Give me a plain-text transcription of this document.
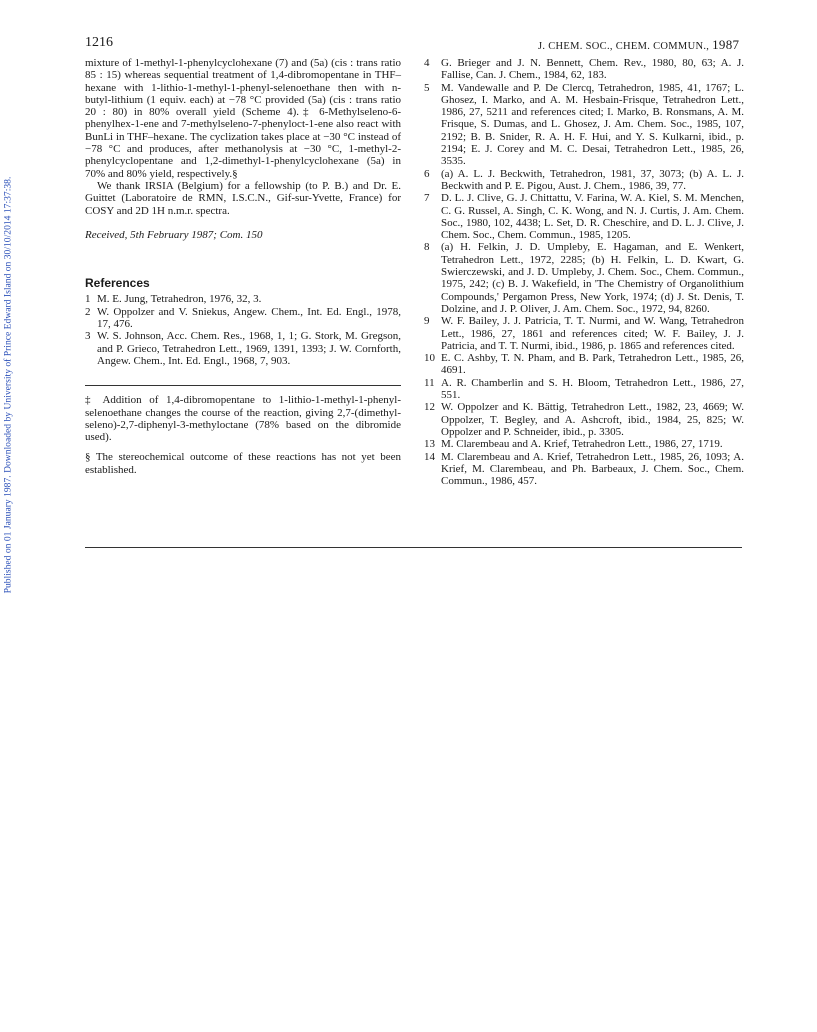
Published on 01 January 1987. Downloaded by University of Prince Edward Island on 30/10/2014 17:37:38.
1216	J. CHEM. SOC., CHEM. COMMUN., 1987

mixture of 1-methyl-1-phenylcyclohexane (7) and (5a) (cis : trans ratio 85 : 15) whereas sequential treatment of 1,4-dibromopentane in THF–hexane with 1-lithio-1-methyl-1-phenyl-selenoethane then with n-butyl-lithium (1 equiv. each) at −78 °C provided (5a) (cis : trans ratio 20 : 80) in 80% overall yield (Scheme 4).‡ 6-Methylseleno-6-phenylhex-1-ene and 7-methylseleno-7-phenyloct-1-ene also react with BunLi in THF–hexane. The cyclization takes place at −30 °C instead of −78 °C and produces, after methanolysis at −30 °C, 1-methyl-2-phenylcyclopentane and 1,2-dimethyl-1-phenylcyclohexane (5a) in 70% and 80% yield, respectively.§

We thank IRSIA (Belgium) for a fellowship (to P. B.) and Dr. E. Guittet (Laboratoire de RMN, I.S.C.N., Gif-sur-Yvette, France) for COSY and 2D 1H n.m.r. spectra.

Received, 5th February 1987; Com. 150

References
1 M. E. Jung, Tetrahedron, 1976, 32, 3.
2 W. Oppolzer and V. Sniekus, Angew. Chem., Int. Ed. Engl., 1978, 17, 476.
3 W. S. Johnson, Acc. Chem. Res., 1968, 1, 1; G. Stork, M. Gregson, and P. Grieco, Tetrahedron Lett., 1969, 1391, 1393; J. W. Cornforth, Angew. Chem., Int. Ed. Engl., 1968, 7, 903.

‡ Addition of 1,4-dibromopentane to 1-lithio-1-methyl-1-phenyl-selenoethane changes the course of the reaction, giving 2,7-(dimethyl-seleno)-2,7-diphenyl-3-methyloctane (78% based on the dibromide used).

§ The stereochemical outcome of these reactions has not yet been established.

4	G. Brieger and J. N. Bennett, Chem. Rev., 1980, 80, 63; A. J. Fallise, Can. J. Chem., 1984, 62, 183.
5	M. Vandewalle and P. De Clercq, Tetrahedron, 1985, 41, 1767; L. Ghosez, I. Marko, and A. M. Hesbain-Frisque, Tetrahedron Lett., 1986, 27, 5211 and references cited; I. Marko, B. Ronsmans, A. M. Frisque, S. Dumas, and L. Ghosez, J. Am. Chem. Soc., 1985, 107, 2192; B. B. Snider, R. A. H. F. Hui, and Y. S. Kulkarni, ibid., p. 2194; E. J. Corey and M. C. Desai, Tetrahedron Lett., 1985, 26, 3535.
6	(a) A. L. J. Beckwith, Tetrahedron, 1981, 37, 3073; (b) A. L. J. Beckwith and P. E. Pigou, Aust. J. Chem., 1986, 39, 77.
7	D. L. J. Clive, G. J. Chittattu, V. Farina, W. A. Kiel, S. M. Menchen, C. G. Russel, A. Singh, C. K. Wong, and N. J. Curtis, J. Am. Chem. Soc., 1980, 102, 4438; L. Set, D. R. Cheschire, and D. L. J. Clive, J. Chem. Soc., Chem. Commun., 1985, 1205.
8	(a) H. Felkin, J. D. Umpleby, E. Hagaman, and E. Wenkert, Tetrahedron Lett., 1972, 2285; (b) H. Felkin, L. D. Kwart, G. Swierczewski, and J. D. Umpleby, J. Chem. Soc., Chem. Commun., 1975, 242; (c) B. J. Wakefield, in 'The Chemistry of Organolithium Compounds,' Pergamon Press, New York, 1974; (d) J. St. Denis, T. Dolzine, and J. P. Oliver, J. Am. Chem. Soc., 1972, 94, 8260.
9	W. F. Bailey, J. J. Patricia, T. T. Nurmi, and W. Wang, Tetrahedron Lett., 1986, 27, 1861 and references cited; W. F. Bailey, J. J. Patricia, and T. T. Nurmi, ibid., 1986, p. 1865 and references cited.
10 E. C. Ashby, T. N. Pham, and B. Park, Tetrahedron Lett., 1985, 26, 4691.
11 A. R. Chamberlin and S. H. Bloom, Tetrahedron Lett., 1986, 27, 551.
12 W. Oppolzer and K. Bättig, Tetrahedron Lett., 1982, 23, 4669; W. Oppolzer, T. Begley, and A. Ashcroft, ibid., 1984, 25, 825; W. Oppolzer and P. Schneider, ibid., p. 3305.
13 M. Clarembeau and A. Krief, Tetrahedron Lett., 1986, 27, 1719.
14 M. Clarembeau and A. Krief, Tetrahedron Lett., 1985, 26, 1093; A. Krief, M. Clarembeau, and Ph. Barbeaux, J. Chem. Soc., Chem. Commun., 1986, 457.
